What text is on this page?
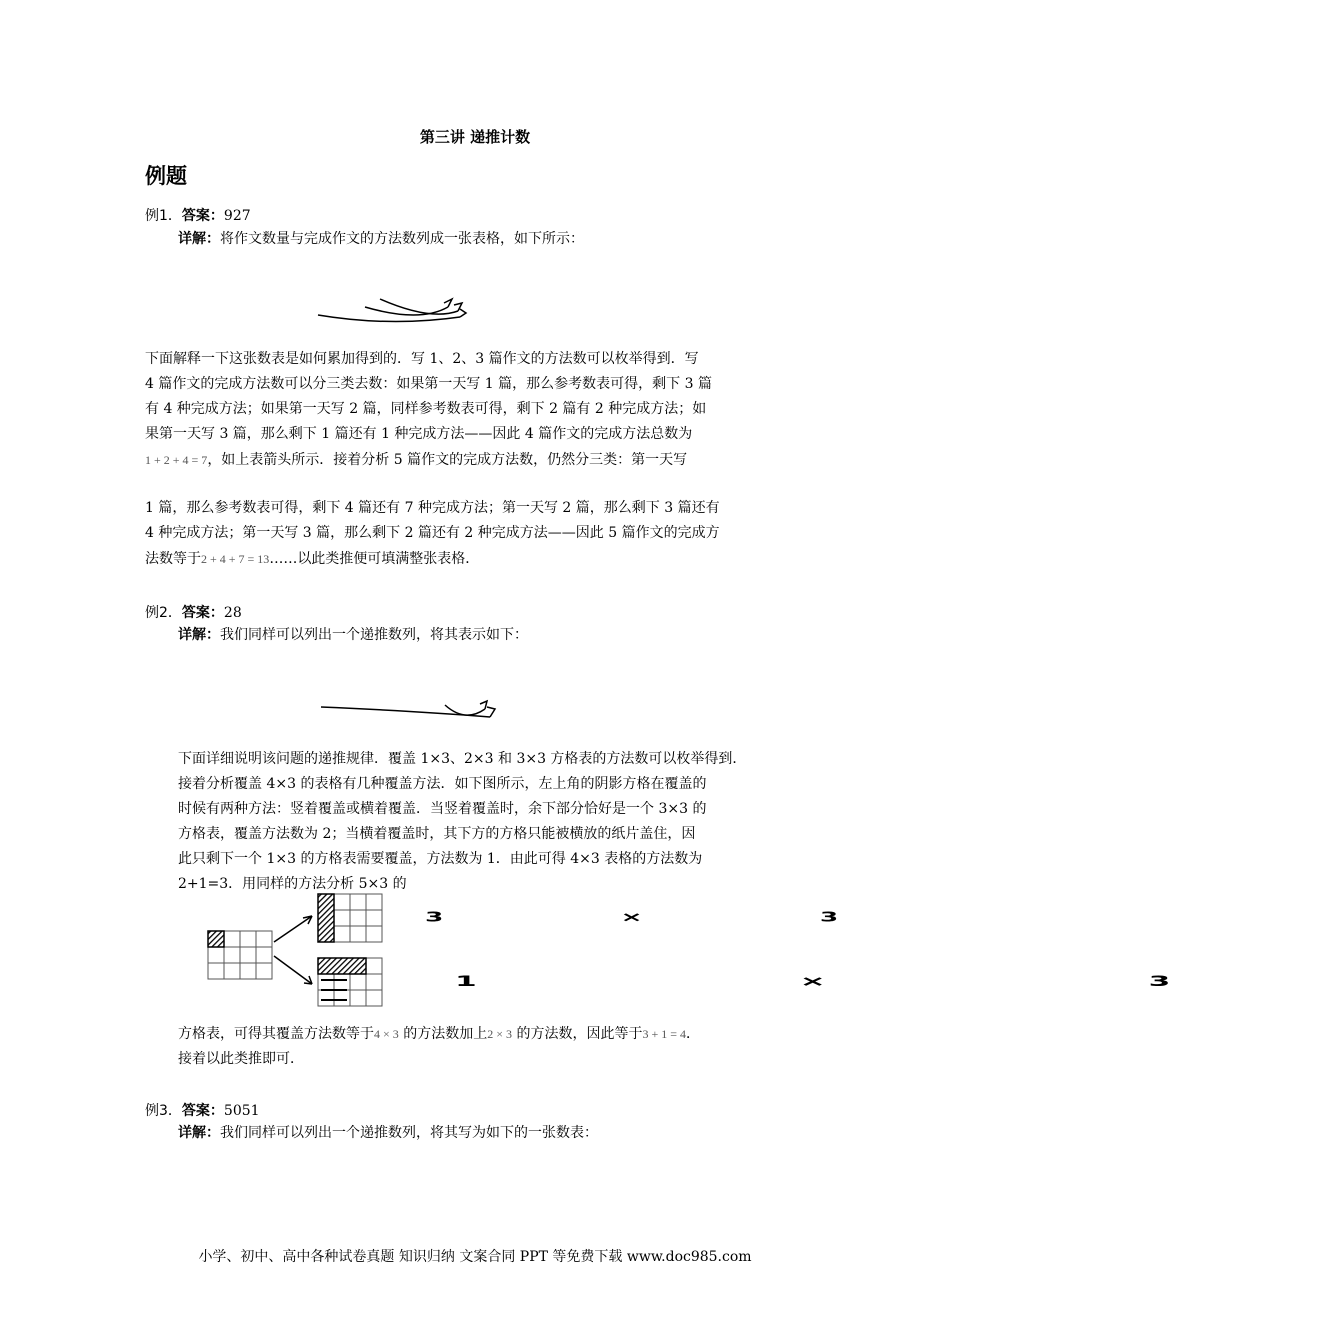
第三讲 递推计数
例题
例1．答案：927
详解：将作文数量与完成作文的方法数列成一张表格，如下所示：
下面解释一下这张数表是如何累加得到的．写 1、2、3 篇作文的方法数可以枚举得到．写
4 篇作文的完成方法数可以分三类去数：如果第一天写 1 篇，那么参考数表可得，剩下 3 篇
有 4 种完成方法；如果第一天写 2 篇，同样参考数表可得，剩下 2 篇有 2 种完成方法；如
果第一天写 3 篇，那么剩下 1 篇还有 1 种完成方法——因此 4 篇作文的完成方法总数为
1 + 2 + 4 = 7，如上表箭头所示．接着分析 5 篇作文的完成方法数，仍然分三类：第一天写
1 篇，那么参考数表可得，剩下 4 篇还有 7 种完成方法；第一天写 2 篇，那么剩下 3 篇还有
4 种完成方法；第一天写 3 篇，那么剩下 2 篇还有 2 种完成方法——因此 5 篇作文的完成方
法数等于2 + 4 + 7 = 13……以此类推便可填满整张表格．
例2．答案：28
详解：我们同样可以列出一个递推数列，将其表示如下：
下面详细说明该问题的递推规律．覆盖 1×3、2×3 和 3×3 方格表的方法数可以枚举得到．
接着分析覆盖 4×3 的表格有几种覆盖方法．如下图所示，左上角的阴影方格在覆盖的
时候有两种方法：竖着覆盖或横着覆盖．当竖着覆盖时，余下部分恰好是一个 3×3 的
方格表，覆盖方法数为 2；当横着覆盖时，其下方的方格只能被横放的纸片盖住，因
此只剩下一个 1×3 的方格表需要覆盖，方法数为 1．由此可得 4×3 表格的方法数为
2+1=3．用同样的方法分析 5×3 的
3 × 3
1 × 3
方格表，可得其覆盖方法数等于4 × 3 的方法数加上2 × 3 的方法数，因此等于3 + 1 = 4．
接着以此类推即可．
例3．答案：5051
详解：我们同样可以列出一个递推数列，将其写为如下的一张数表：
小学、初中、高中各种试卷真题 知识归纳 文案合同 PPT 等免费下载 www.doc985.com
